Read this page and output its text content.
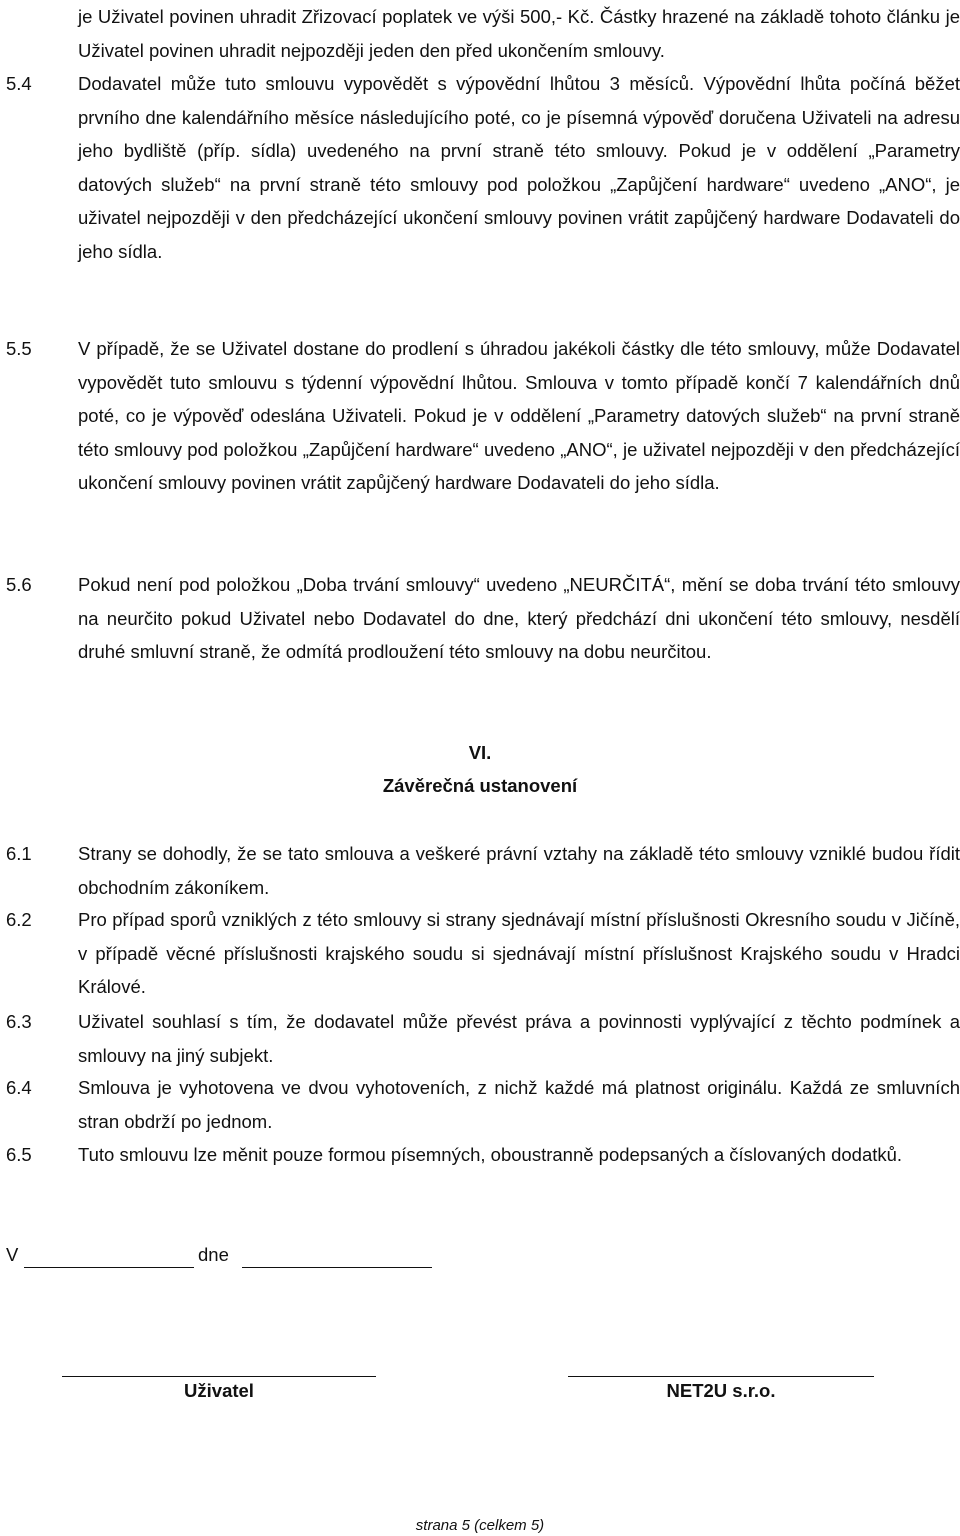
je Uživatel povinen uhradit Zřizovací poplatek ve výši 500,- Kč. Částky hrazené na základě tohoto článku je Uživatel povinen uhradit nejpozději jeden den před ukončením smlouvy.
5.4	Dodavatel může tuto smlouvu vypovědět s výpovědní lhůtou 3 měsíců. Výpovědní lhůta počíná běžet prvního dne kalendářního měsíce následujícího poté, co je písemná výpověď doručena Uživateli na adresu jeho bydliště (příp. sídla) uvedeného na první straně této smlouvy. Pokud je v oddělení „Parametry datových služeb“ na první straně této smlouvy pod položkou „Zapůjčení hardware“ uvedeno „ANO“, je uživatel nejpozději v den předcházející ukončení smlouvy povinen vrátit zapůjčený hardware Dodavateli do jeho sídla.
5.5	V případě, že se Uživatel dostane do prodlení s úhradou jakékoli částky dle této smlouvy, může Dodavatel vypovědět tuto smlouvu s týdenní výpovědní lhůtou. Smlouva v tomto případě končí 7 kalendářních dnů poté, co je výpověď odeslána Uživateli. Pokud je v oddělení „Parametry datových služeb“ na první straně této smlouvy pod položkou „Zapůjčení hardware“ uvedeno „ANO“, je uživatel nejpozději v den předcházející ukončení smlouvy povinen vrátit zapůjčený hardware Dodavateli do jeho sídla.
5.6	Pokud není pod položkou „Doba trvání smlouvy“ uvedeno „NEURČITÁ“, mění se doba trvání této smlouvy na neurčito pokud Uživatel nebo Dodavatel do dne, který předchází dni ukončení této smlouvy, nesdělí druhé smluvní straně, že odmítá prodloužení této smlouvy na dobu neurčitou.
VI.
Závěrečná ustanovení
6.1	Strany se dohodly, že se tato smlouva a veškeré právní vztahy na základě této smlouvy vzniklé budou řídit obchodním zákoníkem.
6.2	Pro případ sporů vzniklých z této smlouvy si strany sjednávají místní příslušnosti Okresního soudu v Jičíně, v případě věcné příslušnosti krajského soudu si sjednávají místní příslušnost Krajského soudu v Hradci Králové.
6.3	Uživatel souhlasí s tím, že dodavatel může převést práva a povinnosti vyplývající z těchto podmínek a smlouvy na jiný subjekt.
6.4	Smlouva je vyhotovena ve dvou vyhotoveních, z nichž každé má platnost originálu. Každá ze smluvních stran obdrží po jednom.
6.5	Tuto smlouvu lze měnit pouze formou písemných, oboustranně podepsaných a číslovaných dodatků.
V	dne
Uživatel	NET2U s.r.o.
strana 5 (celkem 5)
